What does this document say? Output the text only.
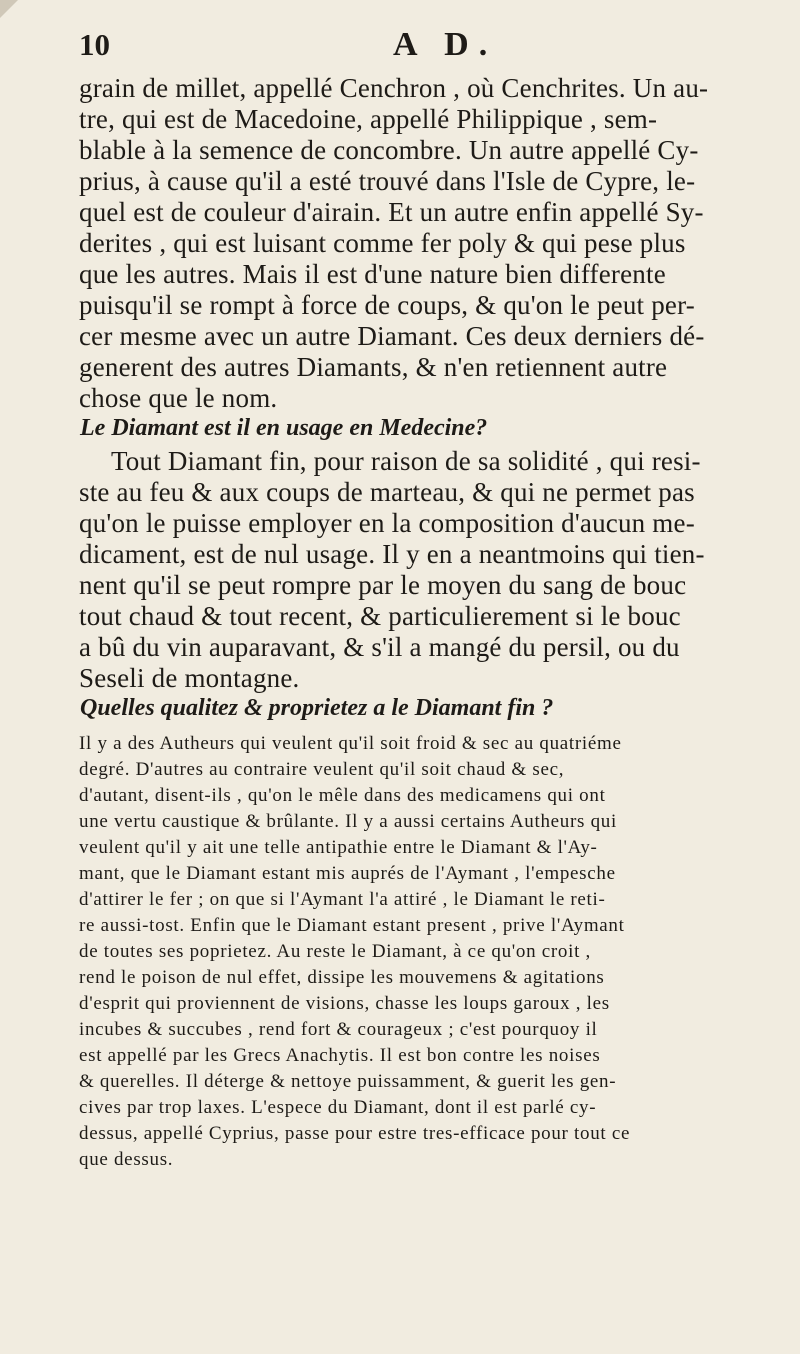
10	A D.
grain de millet, appellé Cenchron , où Cenchrites. Un au-
tre, qui est de Macedoine, appellé Philippique , sem-
blable à la semence de concombre. Un autre appellé Cy-
prius, à cause qu'il a esté trouvé dans l'Isle de Cypre, le-
quel est de couleur d'airain. Et un autre enfin appellé Sy-
derites , qui est luisant comme fer poly & qui pese plus
que les autres. Mais il est d'une nature bien differente
puisqu'il se rompt à force de coups, & qu'on le peut per-
cer mesme avec un autre Diamant. Ces deux derniers dé-
generent des autres Diamants, & n'en retiennent autre
chose que le nom.
Le Diamant est il en usage en Medecine?
Tout Diamant fin, pour raison de sa solidité , qui resi-
ste au feu & aux coups de marteau, & qui ne permet pas
qu'on le puisse employer en la composition d'aucun me-
dicament, est de nul usage. Il y en a neantmoins qui tien-
nent qu'il se peut rompre par le moyen du sang de bouc
tout chaud & tout recent, & particulierement si le bouc
a bû du vin auparavant, & s'il a mangé du persil, ou du
Seseli de montagne.
Quelles qualitez & proprietez a le Diamant fin ?
Il y a des Autheurs qui veulent qu'il soit froid & sec au quatriéme
degré. D'autres au contraire veulent qu'il soit chaud & sec,
d'autant, disent-ils , qu'on le mêle dans des medicamens qui ont
une vertu caustique & brûlante. Il y a aussi certains Autheurs qui
veulent qu'il y ait une telle antipathie entre le Diamant & l'Ay-
mant, que le Diamant estant mis auprés de l'Aymant , l'empesche
d'attirer le fer ; on que si l'Aymant l'a attiré , le Diamant le reti-
re aussi-tost. Enfin que le Diamant estant present , prive l'Aymant
de toutes ses poprietez. Au reste le Diamant, à ce qu'on croit ,
rend le poison de nul effet, dissipe les mouvemens & agitations
d'esprit qui proviennent de visions, chasse les loups garoux , les
incubes & succubes , rend fort & courageux ; c'est pourquoy il
est appellé par les Grecs Anachytis. Il est bon contre les noises
& querelles. Il déterge & nettoye puissamment, & guerit les gen-
cives par trop laxes. L'espece du Diamant, dont il est parlé cy-
dessus, appellé Cyprius, passe pour estre tres-efficace pour tout ce
que dessus.
